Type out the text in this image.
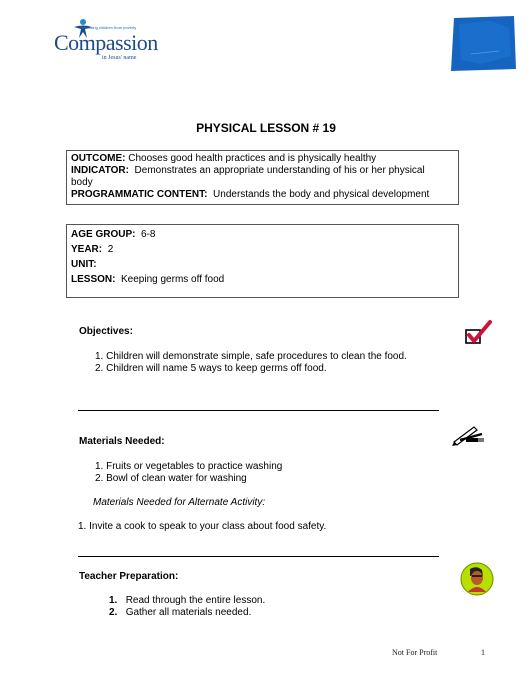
Releasing children from poverty
Compassion
in Jesus' name
PHYSICAL LESSON # 19
OUTCOME: Chooses good health practices and is physically healthy
INDICATOR: Demonstrates an appropriate understanding of his or her physical
body
PROGRAMMATIC CONTENT: Understands the body and physical development
AGE GROUP: 6-8
YEAR: 2
UNIT:
LESSON: Keeping germs off food
Objectives:
1. Children will demonstrate simple, safe procedures to clean the food.
2. Children will name 5 ways to keep germs off food.
Materials Needed:
1. Fruits or vegetables to practice washing
2. Bowl of clean water for washing
Materials Needed for Alternate Activity:
1. Invite a cook to speak to your class about food safety.
Teacher Preparation:
1. Read through the entire lesson.
2. Gather all materials needed.
Not For Profit	1
